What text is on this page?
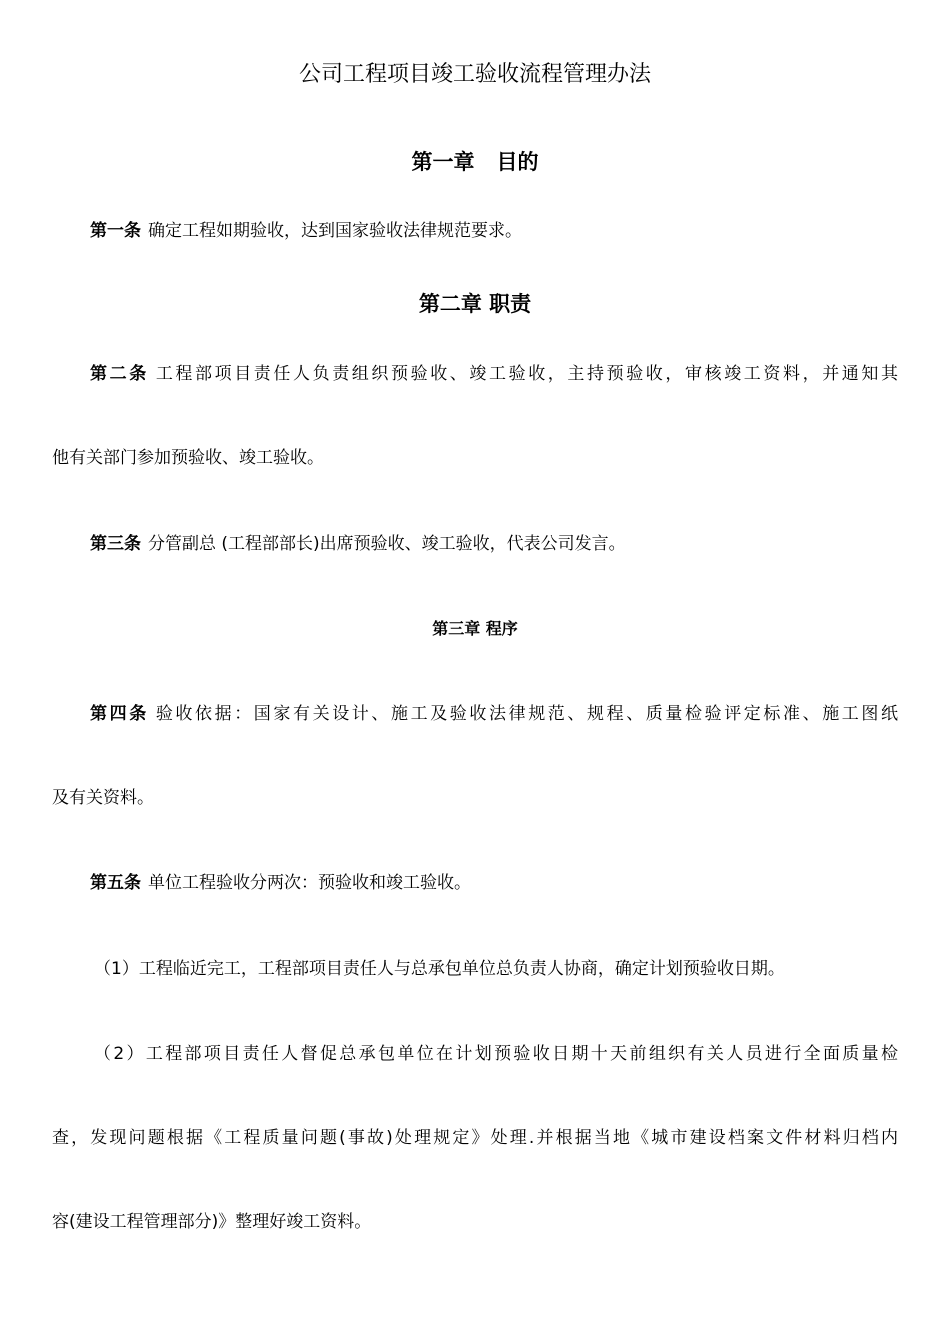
公司工程项目竣工验收流程管理办法
第一章   目的

第一条 确定工程如期验收，达到国家验收法律规范要求。

第二章 职责

第二条 工程部项目责任人负责组织预验收、竣工验收，主持预验收，审核竣工资料，并通知其

他有关部门参加预验收、竣工验收。

第三条 分管副总 (工程部部长)出席预验收、竣工验收，代表公司发言。

第三章 程序

第四条 验收依据：国家有关设计、施工及验收法律规范、规程、质量检验评定标准、施工图纸

及有关资料。

第五条 单位工程验收分两次：预验收和竣工验收。

（1）工程临近完工，工程部项目责任人与总承包单位总负责人协商，确定计划预验收日期。

（2）工程部项目责任人督促总承包单位在计划预验收日期十天前组织有关人员进行全面质量检

查，发现问题根据《工程质量问题(事故)处理规定》处理.并根据当地《城市建设档案文件材料归档内

容(建设工程管理部分)》整理好竣工资料。
